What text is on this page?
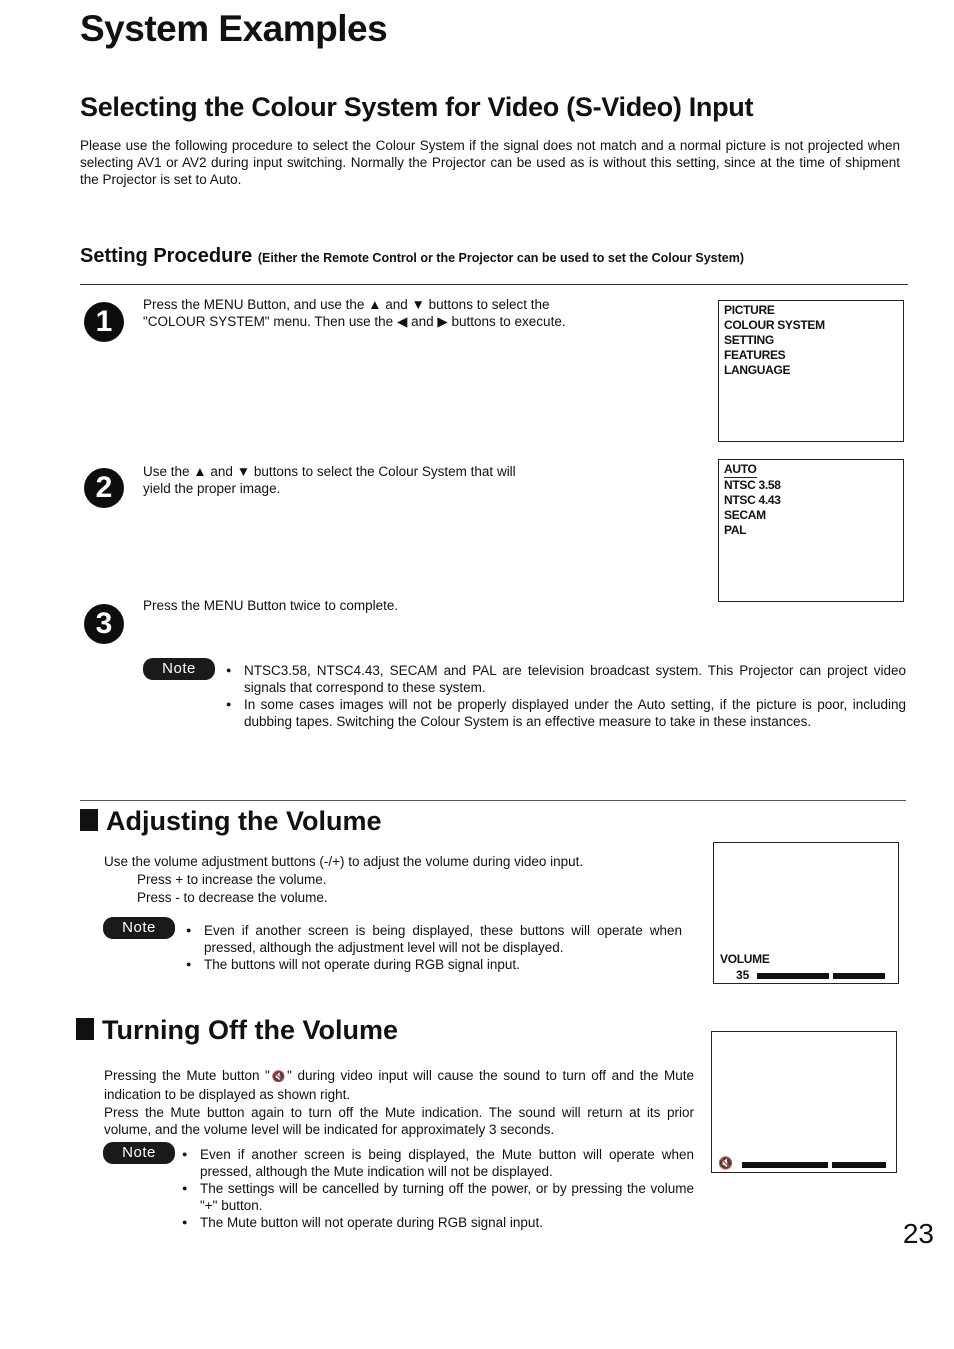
System Examples
Selecting the Colour System for Video (S-Video) Input
Please use the following procedure to select the Colour System if the signal does not match and a normal picture is not projected when selecting AV1 or AV2 during input switching. Normally the Projector can be used as is without this setting, since at the time of shipment the Projector is set to Auto.
Setting Procedure (Either the Remote Control or the Projector can be used to set the Colour System)
1
Press the MENU Button, and use the ▲ and ▼ buttons to select the "COLOUR SYSTEM" menu. Then use the ◀ and ▶ buttons to execute.
PICTURE
COLOUR SYSTEM
SETTING
FEATURES
LANGUAGE
2	Use the ▲ and ▼ buttons to select the Colour System that will yield the proper image.
AUTO
NTSC 3.58
NTSC 4.43
SECAM
PAL
3
Press the MENU Button twice to complete.
Note	● NTSC3.58, NTSC4.43, SECAM and PAL are television broadcast system. This Projector can project video signals that correspond to these system.
● In some cases images will not be properly displayed under the Auto setting, if the picture is poor, including dubbing tapes. Switching the Colour System is an effective measure to take in these instances.
Adjusting the Volume
Use the volume adjustment buttons (-/+) to adjust the volume during video input.
Press + to increase the volume.
Press - to decrease the volume.
Note	● Even if another screen is being displayed, these buttons will operate when pressed, although the adjustment level will not be displayed.
● The buttons will not operate during RGB signal input.	VOLUME
35
Turning Off the Volume
Pressing the Mute button "🔇" during video input will cause the sound to turn off and the Mute indication to be displayed as shown right.
Press the Mute button again to turn off the Mute indication. The sound will return at its prior volume, and the volume level will be indicated for approximately 3 seconds.
Note	● Even if another screen is being displayed, the Mute button will operate when pressed, although the Mute indication will not be displayed.
● The settings will be cancelled by turning off the power, or by pressing the volume "+" button.
● The Mute button will not operate during RGB signal input.
🔇
23
